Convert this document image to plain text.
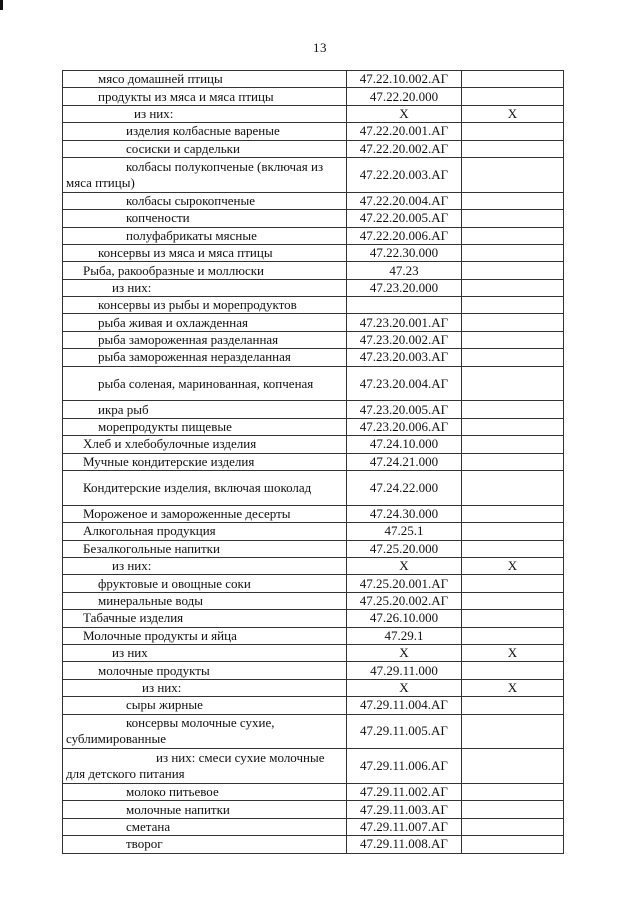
13
мясо домашней птицы	47.22.10.002.АГ	
продукты из мяса и мяса птицы	47.22.20.000	
из них:	Х	Х
изделия колбасные вареные	47.22.20.001.АГ	
сосиски и сардельки	47.22.20.002.АГ	
колбасы полукопченые (включая из мяса птицы)	47.22.20.003.АГ	
колбасы сырокопченые	47.22.20.004.АГ	
копчености	47.22.20.005.АГ	
полуфабрикаты мясные	47.22.20.006.АГ	
консервы из мяса и мяса птицы	47.22.30.000	
Рыба, ракообразные и моллюски	47.23	
из них:	47.23.20.000	
консервы из рыбы и морепродуктов		
рыба живая и охлажденная	47.23.20.001.АГ	
рыба замороженная разделанная	47.23.20.002.АГ	
рыба замороженная неразделанная	47.23.20.003.АГ	
рыба соленая, маринованная, копченая	47.23.20.004.АГ	
икра рыб	47.23.20.005.АГ	
морепродукты пищевые	47.23.20.006.АГ	
Хлеб и хлебобулочные изделия	47.24.10.000	
Мучные кондитерские изделия	47.24.21.000	
Кондитерские изделия, включая шоколад	47.24.22.000	
Мороженое и замороженные десерты	47.24.30.000	
Алкогольная продукция	47.25.1	
Безалкогольные напитки	47.25.20.000	
из них:	Х	Х
фруктовые и овощные соки	47.25.20.001.АГ	
минеральные воды	47.25.20.002.АГ	
Табачные изделия	47.26.10.000	
Молочные продукты и яйца	47.29.1	
из них	Х	Х
молочные продукты	47.29.11.000	
из них:	Х	Х
сыры жирные	47.29.11.004.АГ	
консервы молочные сухие, сублимированные	47.29.11.005.АГ	
из них: смеси сухие молочные для детского питания	47.29.11.006.АГ	
молоко питьевое	47.29.11.002.АГ	
молочные напитки	47.29.11.003.АГ	
сметана	47.29.11.007.АГ	
творог	47.29.11.008.АГ	
